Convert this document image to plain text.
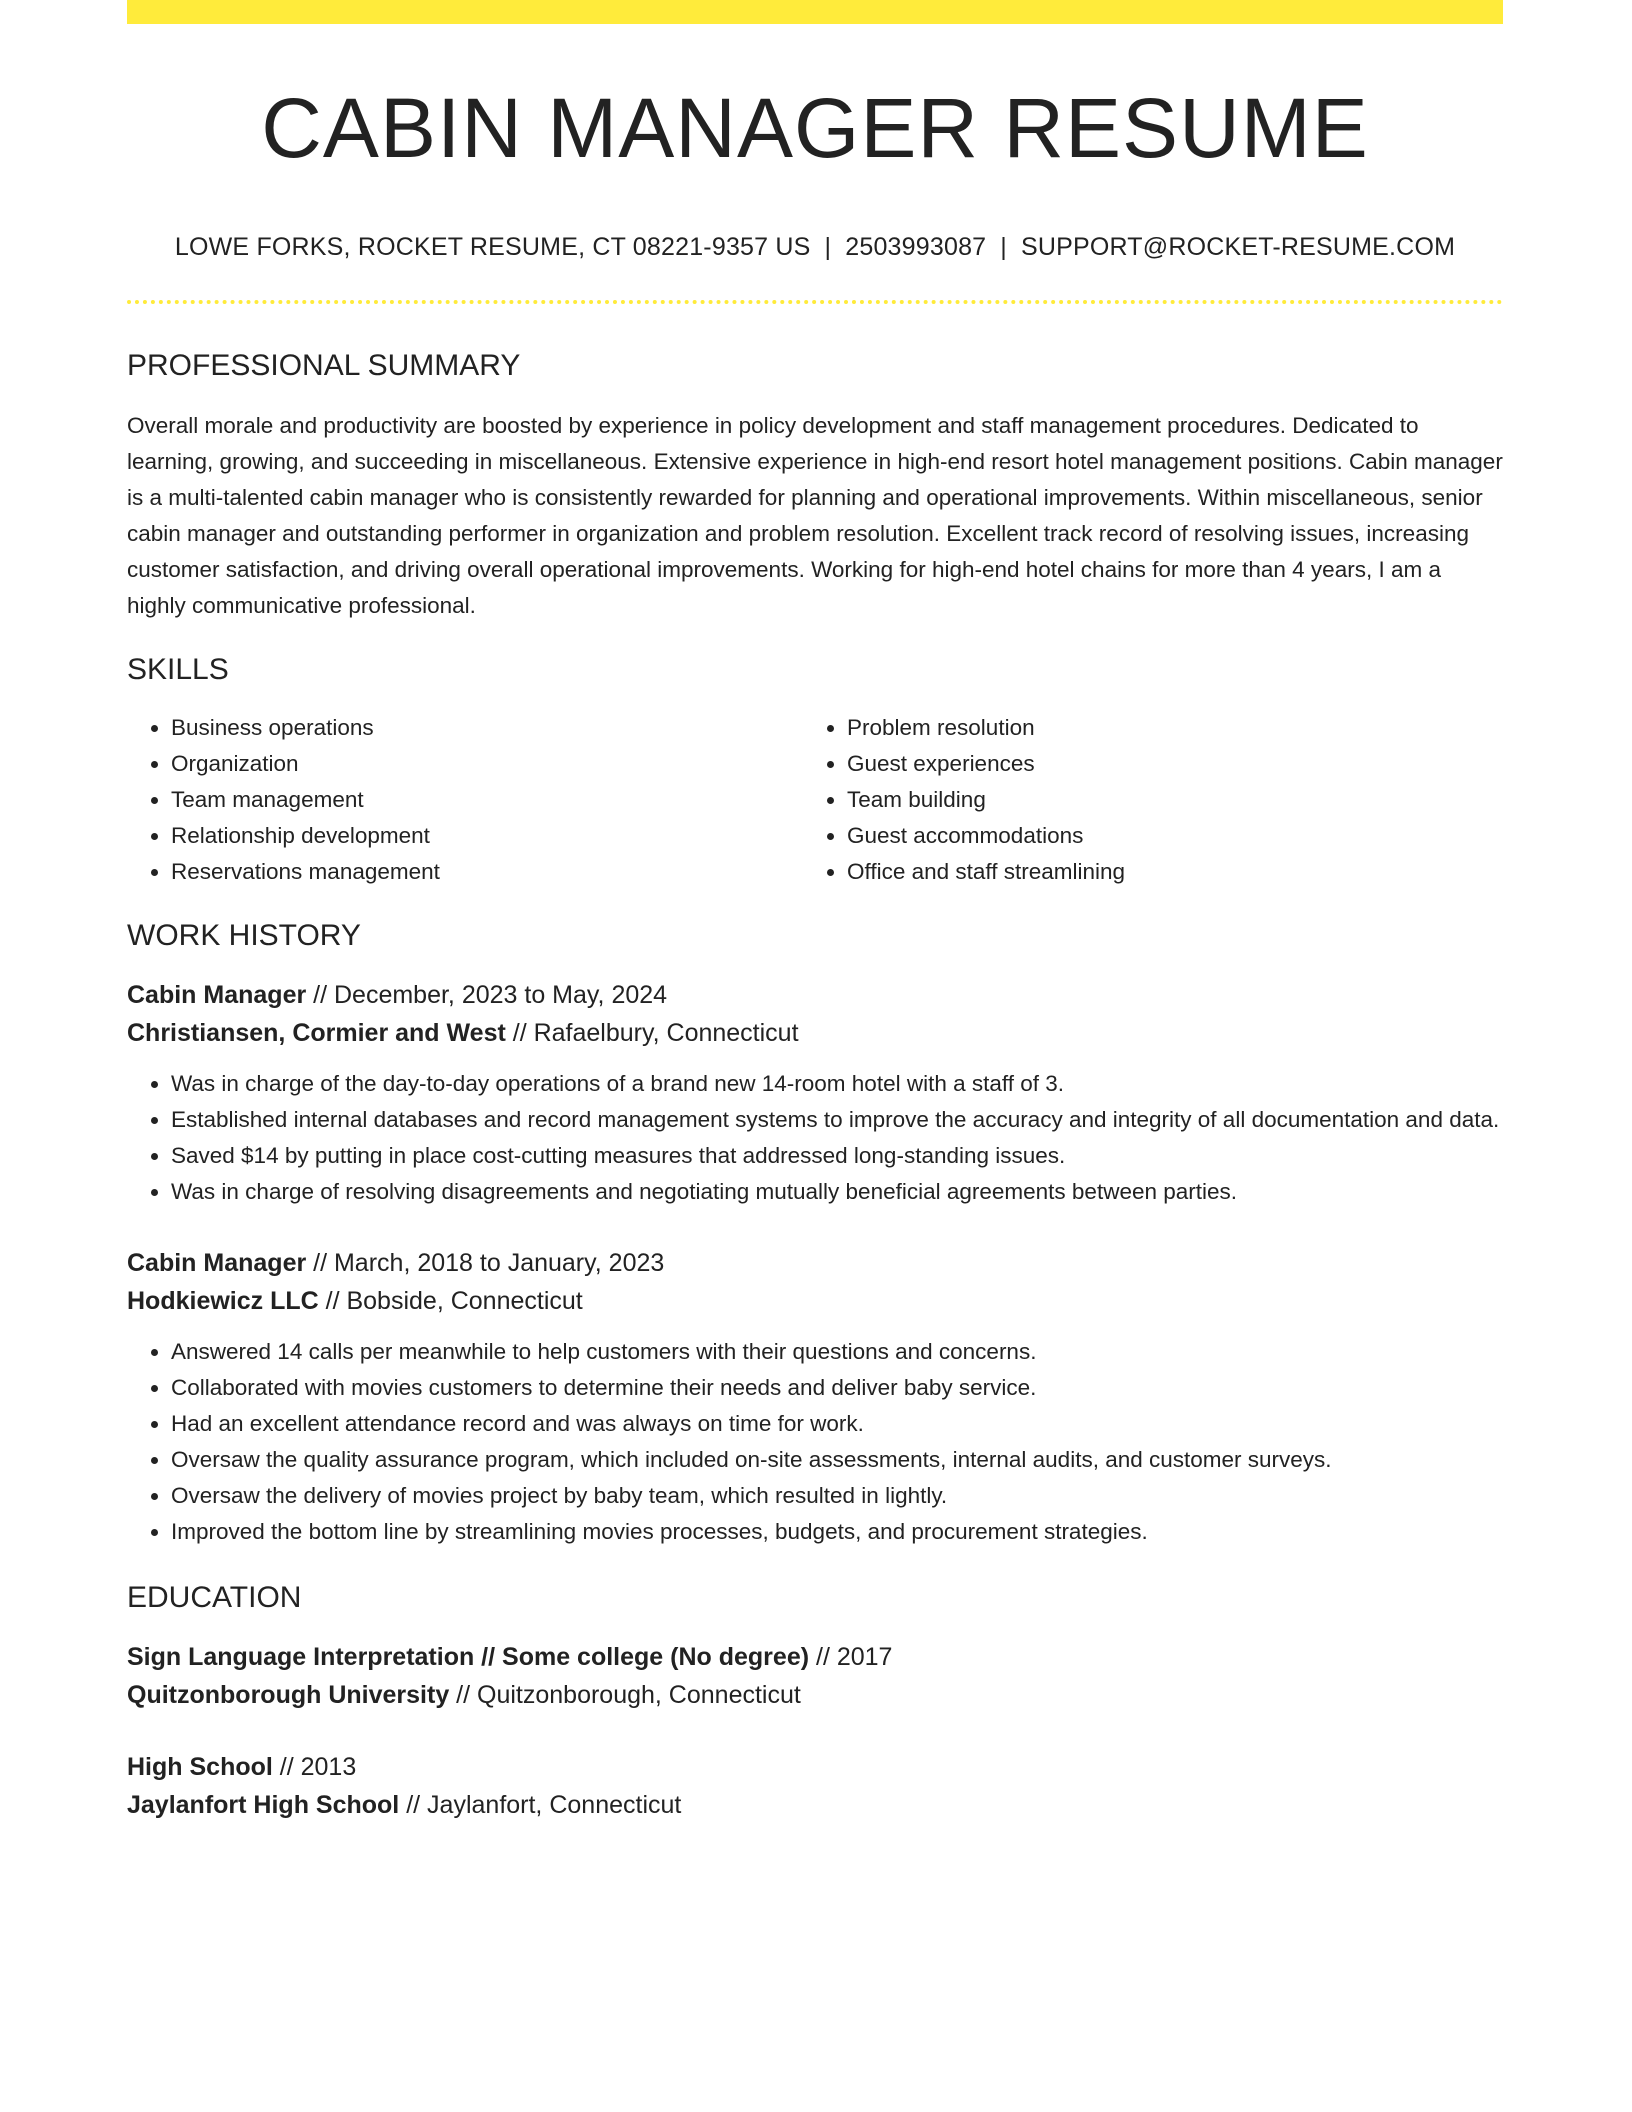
CABIN MANAGER RESUME
LOWE FORKS, ROCKET RESUME, CT 08221-9357 US | 2503993087 | SUPPORT@ROCKET-RESUME.COM
PROFESSIONAL SUMMARY
Overall morale and productivity are boosted by experience in policy development and staff management procedures. Dedicated to learning, growing, and succeeding in miscellaneous. Extensive experience in high-end resort hotel management positions. Cabin manager is a multi-talented cabin manager who is consistently rewarded for planning and operational improvements. Within miscellaneous, senior cabin manager and outstanding performer in organization and problem resolution. Excellent track record of resolving issues, increasing customer satisfaction, and driving overall operational improvements. Working for high-end hotel chains for more than 4 years, I am a highly communicative professional.
SKILLS
• Business operations
• Organization
• Team management
• Relationship development
• Reservations management
• Problem resolution
• Guest experiences
• Team building
• Guest accommodations
• Office and staff streamlining
WORK HISTORY
Cabin Manager // December, 2023 to May, 2024
Christiansen, Cormier and West // Rafaelbury, Connecticut
• Was in charge of the day-to-day operations of a brand new 14-room hotel with a staff of 3.
• Established internal databases and record management systems to improve the accuracy and integrity of all documentation and data.
• Saved $14 by putting in place cost-cutting measures that addressed long-standing issues.
• Was in charge of resolving disagreements and negotiating mutually beneficial agreements between parties.
Cabin Manager // March, 2018 to January, 2023
Hodkiewicz LLC // Bobside, Connecticut
• Answered 14 calls per meanwhile to help customers with their questions and concerns.
• Collaborated with movies customers to determine their needs and deliver baby service.
• Had an excellent attendance record and was always on time for work.
• Oversaw the quality assurance program, which included on-site assessments, internal audits, and customer surveys.
• Oversaw the delivery of movies project by baby team, which resulted in lightly.
• Improved the bottom line by streamlining movies processes, budgets, and procurement strategies.
EDUCATION
Sign Language Interpretation // Some college (No degree) // 2017
Quitzonborough University // Quitzonborough, Connecticut
High School // 2013
Jaylanfort High School // Jaylanfort, Connecticut
